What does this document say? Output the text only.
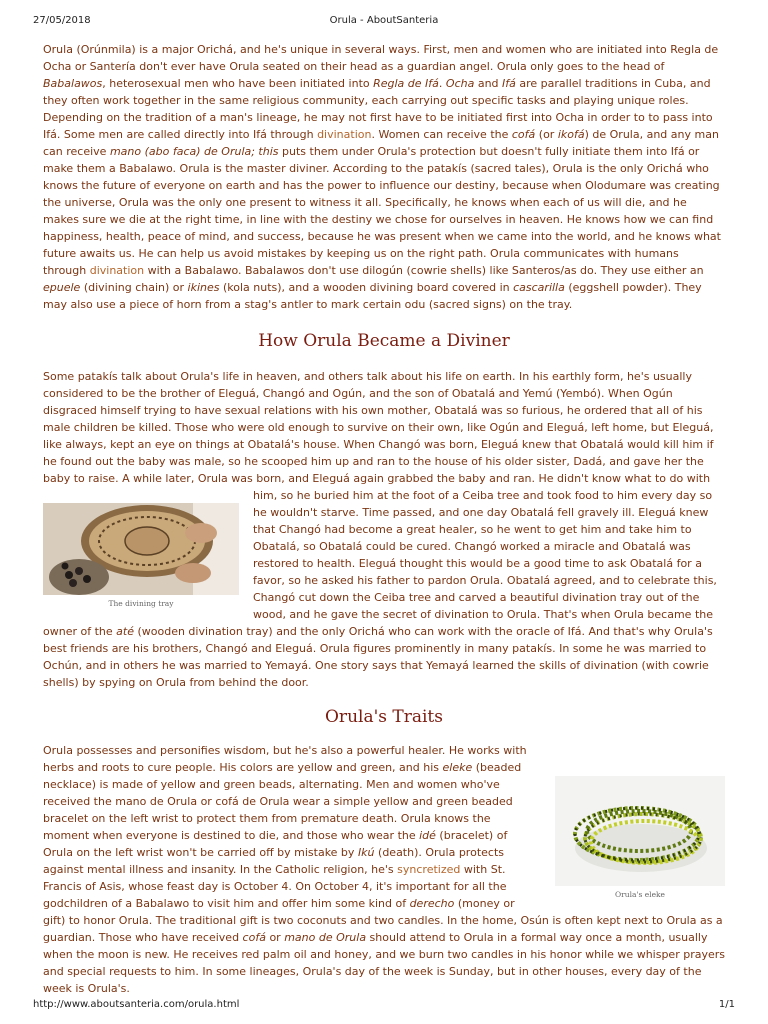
27/05/2018	Orula - AboutSanteria

Orula (Orúnmila) is a major Orichá, and he's unique in several ways. First, men and women who are initiated into Regla de Ocha or Santería don't ever have Orula seated on their head as a guardian angel. Orula only goes to the head of Babalawos, heterosexual men who have been initiated into Regla de Ifá. Ocha and Ifá are parallel traditions in Cuba, and they often work together in the same religious community, each carrying out specific tasks and playing unique roles. Depending on the tradition of a man's lineage, he may not first have to be initiated first into Ocha in order to to pass into Ifá. Some men are called directly into Ifá through divination. Women can receive the cofá (or ikofá) de Orula, and any man can receive mano (abo faca) de Orula; this puts them under Orula's protection but doesn't fully initiate them into Ifá or make them a Babalawo. Orula is the master diviner. According to the patakís (sacred tales), Orula is the only Orichá who knows the future of everyone on earth and has the power to influence our destiny, because when Olodumare was creating the universe, Orula was the only one present to witness it all. Specifically, he knows when each of us will die, and he makes sure we die at the right time, in line with the destiny we chose for ourselves in heaven. He knows how we can find happiness, health, peace of mind, and success, because he was present when we came into the world, and he knows what future awaits us. He can help us avoid mistakes by keeping us on the right path. Orula communicates with humans through divination with a Babalawo. Babalawos don't use dilogún (cowrie shells) like Santeros/as do. They use either an epuele (divining chain) or ikines (kola nuts), and a wooden divining board covered in cascarilla (eggshell powder). They may also use a piece of horn from a stag's antler to mark certain odu (sacred signs) on the tray.

How Orula Became a Diviner

Some patakís talk about Orula's life in heaven, and others talk about his life on earth. In his earthly form, he's usually considered to be the brother of Eleguá, Changó and Ogún, and the son of Obatalá and Yemú (Yembó). When Ogún disgraced himself trying to have sexual relations with his own mother, Obatalá was so furious, he ordered that all of his male children be killed. Those who were old enough to survive on their own, like Ogún and Eleguá, left home, but Eleguá, like always, kept an eye on things at Obatalá's house. When Changó was born, Eleguá knew that Obatalá would kill him if he found out the baby was male, so he scooped him up and ran to the house of his older sister, Dadá, and gave her the baby to raise. A while later, Orula was born, and Eleguá again grabbed the baby and ran. He didn't know what to do with him, so he buried him at the foot of a Ceiba tree and took food to him every day so he wouldn't starve. Time passed, and one day Obatalá fell gravely ill. Eleguá knew that Changó had become a great healer, so he went to get him and take him to Obatalá, so Obatalá could be cured. Changó worked a miracle and Obatalá was restored to health. Eleguá thought this would be a good time to ask Obatalá for a favor, so he asked his father to pardon Orula. Obatalá agreed, and to celebrate this, Changó cut down the Ceiba tree and carved a beautiful divination tray out of the wood, and he gave the secret of divination to Orula. That's when Orula became the owner of the até (wooden divination tray) and the only Orichá who can work with the oracle of Ifá. And that's why Orula's best friends are his brothers, Changó and Eleguá. Orula figures prominently in many patakís. In some he was married to Ochún, and in others he was married to Yemayá. One story says that Yemayá learned the skills of divination (with cowrie shells) by spying on Orula from behind the door.

Orula's Traits
Orula's eleke

Orula possesses and personifies wisdom, but he's also a powerful healer. He works with herbs and roots to cure people. His colors are yellow and green, and his eleke (beaded necklace) is made of yellow and green beads, alternating. Men and women who've received the mano de Orula or cofá de Orula wear a simple yellow and green beaded bracelet on the left wrist to protect them from premature death. Orula knows the moment when everyone is destined to die, and those who wear the idé (bracelet) of Orula on the left wrist won't be carried off by mistake by Ikú (death). Orula protects against mental illness and insanity. In the Catholic religion, he's syncretized with St. Francis of Asis, whose feast day is October 4. On October 4, it's important for all the godchildren of a Babalawo to visit him and offer him some kind of derecho (money or gift) to honor Orula. The traditional gift is two coconuts and two candles. In the home, Osún is often kept next to Orula as a guardian. Those who have received cofá or mano de Orula should attend to Orula in a formal way once a month, usually when the moon is new. He receives red palm oil and honey, and we burn two candles in his honor while we whisper prayers and special requests to him. In some lineages, Orula's day of the week is Sunday, but in other houses, every day of the week is Orula's.

The divining tray
http://www.aboutsanteria.com/orula.html	1/1
